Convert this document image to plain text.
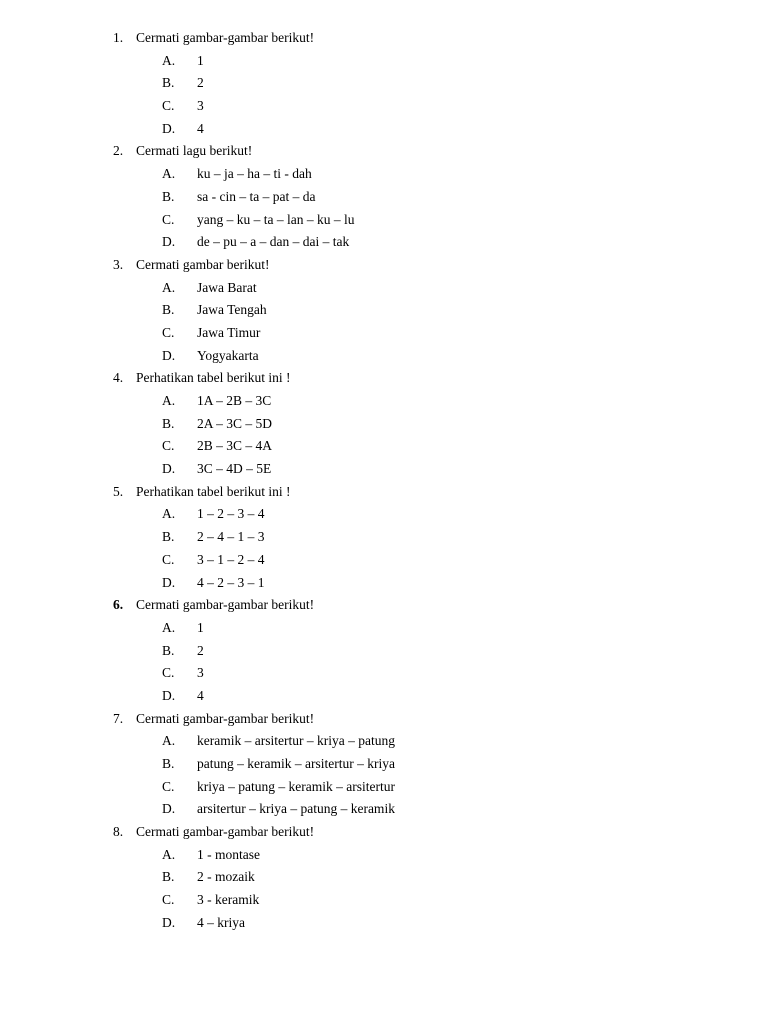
1. Cermati gambar-gambar berikut!
A. 1
B. 2
C. 3
D. 4
2. Cermati lagu berikut!
A. ku – ja – ha – ti - dah
B. sa - cin – ta – pat – da
C. yang – ku – ta – lan – ku – lu
D. de – pu – a – dan – dai – tak
3. Cermati gambar berikut!
A. Jawa Barat
B. Jawa Tengah
C. Jawa Timur
D. Yogyakarta
4. Perhatikan tabel berikut ini !
A. 1A – 2B – 3C
B. 2A – 3C – 5D
C. 2B – 3C – 4A
D. 3C – 4D – 5E
5. Perhatikan tabel berikut ini !
A. 1 – 2 – 3 – 4
B. 2 – 4 – 1 – 3
C. 3 – 1 – 2 – 4
D. 4 – 2 – 3 – 1
6. Cermati gambar-gambar berikut!
A. 1
B. 2
C. 3
D. 4
7. Cermati gambar-gambar berikut!
A. keramik – arsitertur – kriya – patung
B. patung – keramik – arsitertur – kriya
C. kriya – patung – keramik – arsitertur
D. arsitertur – kriya – patung – keramik
8. Cermati gambar-gambar berikut!
A. 1 - montase
B. 2 - mozaik
C. 3 - keramik
D. 4 – kriya
